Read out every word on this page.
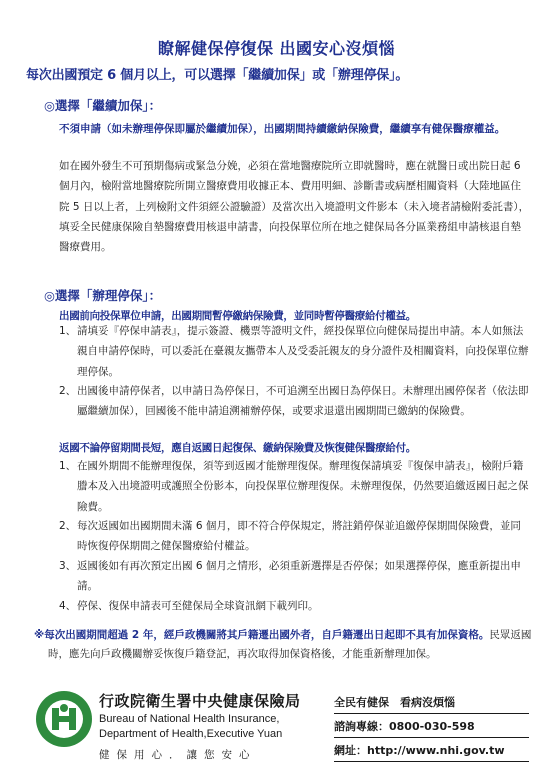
瞭解健保停復保 出國安心沒煩惱
每次出國預定 6 個月以上，可以選擇「繼續加保」或「辦理停保」。
◎選擇「繼續加保」：
不須申請（如未辦理停保即屬於繼續加保），出國期間持續繳納保險費，繼續享有健保醫療權益。
如在國外發生不可預期傷病或緊急分娩，必須在當地醫療院所立即就醫時，應在就醫日或出院日起 6 個月內，檢附當地醫療院所開立醫療費用收據正本、費用明細、診斷書或病歷相關資料（大陸地區住院 5 日以上者，上列檢附文件須經公證驗證）及當次出入境證明文件影本（未入境者請檢附委託書），填妥全民健康保險自墊醫療費用核退申請書，向投保單位所在地之健保局各分區業務組申請核退自墊醫療費用。
◎選擇「辦理停保」：
出國前向投保單位申請，出國期間暫停繳納保險費，並同時暫停醫療給付權益。
1、 請填妥『停保申請表』，提示簽證、機票等證明文件，經投保單位向健保局提出申請。本人如無法親自申請停保時，可以委託在臺親友攜帶本人及受委託親友的身分證件及相關資料，向投保單位辦理停保。
2、 出國後申請停保者，以申請日為停保日，不可追溯至出國日為停保日。未辦理出國停保者（依法即屬繼續加保），回國後不能申請追溯補辦停保，或要求退還出國期間已繳納的保險費。
返國不論停留期間長短，應自返國日起復保、繳納保險費及恢復健保醫療給付。
1、 在國外期間不能辦理復保，須等到返國才能辦理復保。辦理復保請填妥『復保申請表』，檢附戶籍謄本及入出境證明或護照全份影本，向投保單位辦理復保。未辦理復保，仍然要追繳返國日起之保險費。
2、 每次返國如出國期間未滿 6 個月，即不符合停保規定，將註銷停保並追繳停保期間保險費，並同時恢復停保期間之健保醫療給付權益。
3、 返國後如有再次預定出國 6 個月之情形，必須重新選擇是否停保；如果選擇停保，應重新提出申請。
4、 停保、復保申請表可至健保局全球資訊網下載列印。
※每次出國期間超過 2 年，經戶政機關將其戶籍遷出國外者，自戶籍遷出日起即不具有加保資格。民眾返國時，應先向戶政機關辦妥恢復戶籍登記，再次取得加保資格後，才能重新辦理加保。
行政院衛生署中央健康保險局
Bureau of National Health Insurance,
Department of Health,Executive Yuan
健保用心．讓您安心
全民有健保　看病沒煩惱
諮詢專線：0800-030-598
網址：http://www.nhi.gov.tw
